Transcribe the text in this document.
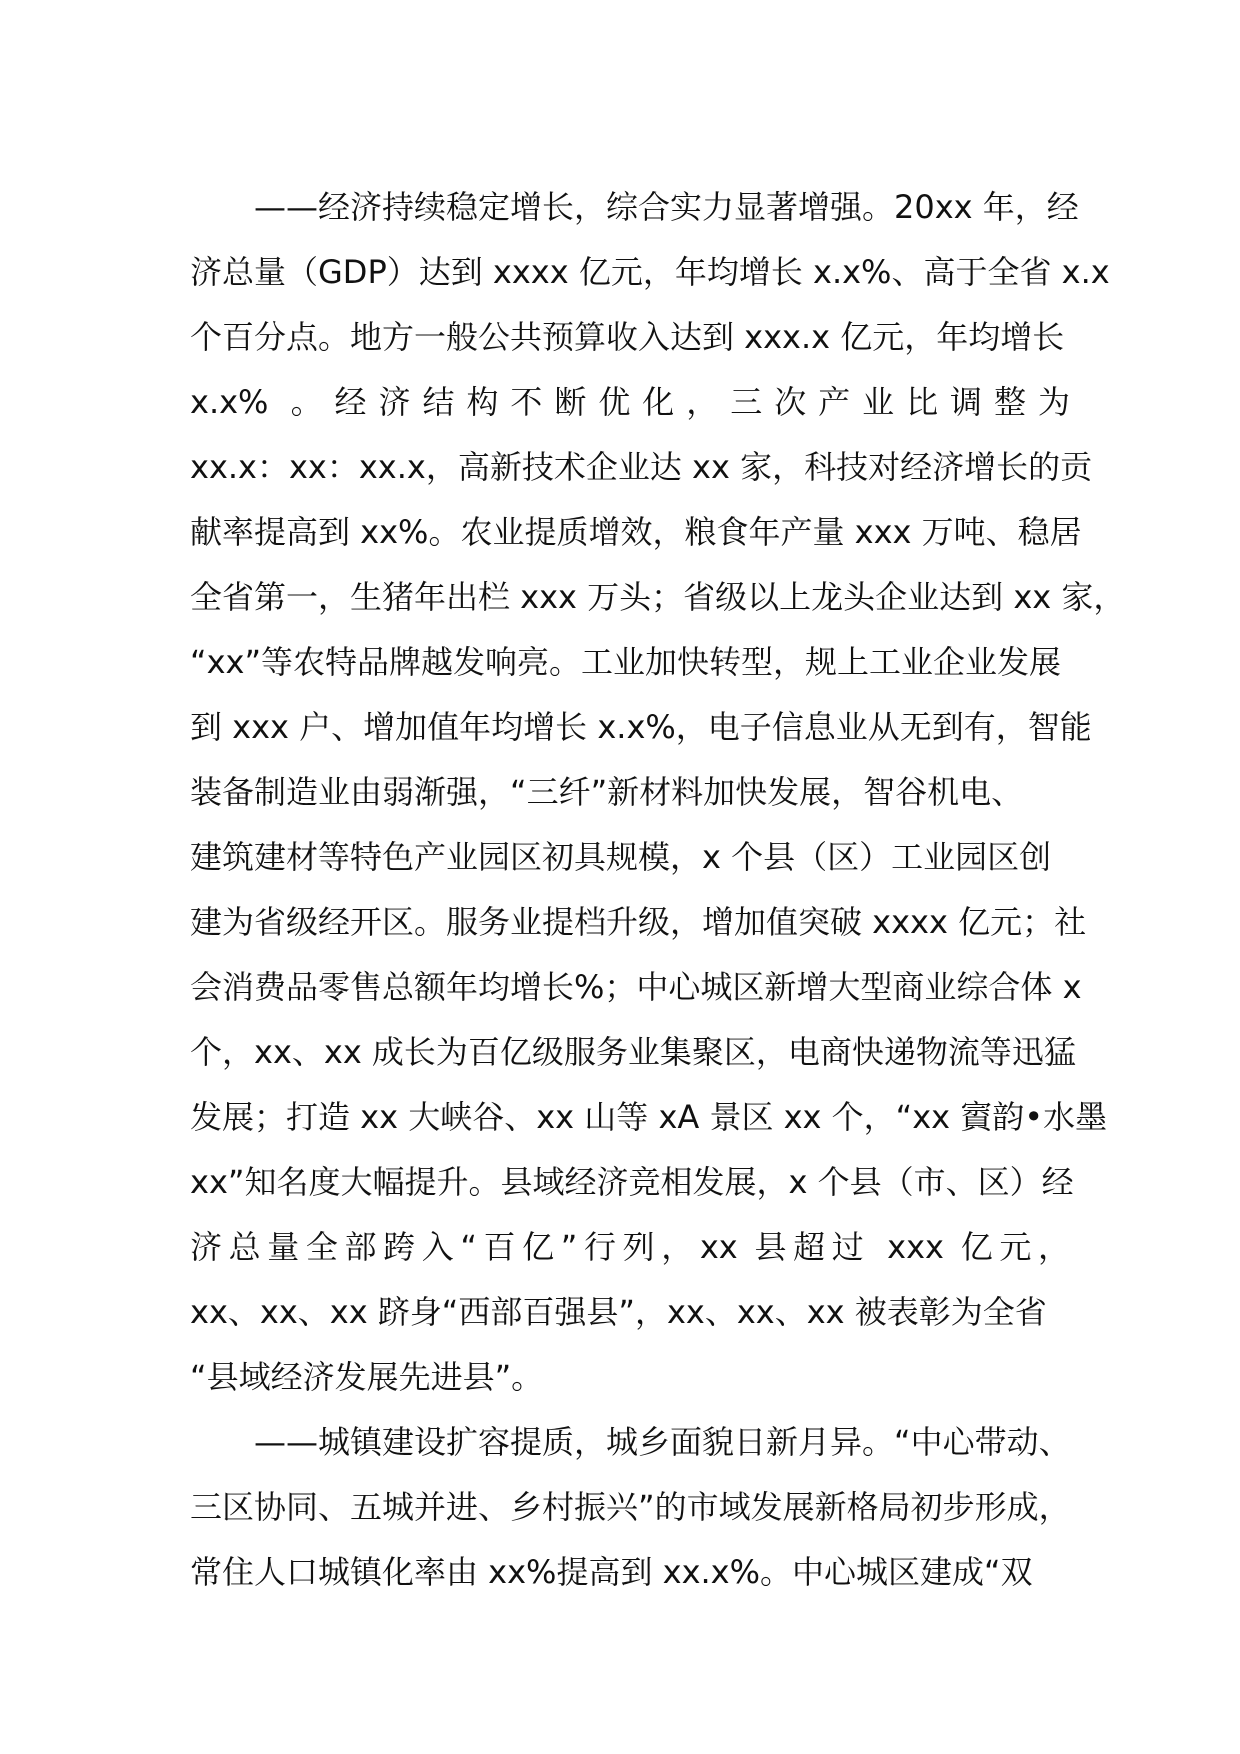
——经济持续稳定增长，综合实力显著增强。20xx 年，经
济总量（GDP）达到 xxxx 亿元，年均增长 x.x%、高于全省 x.x
个百分点。地方一般公共预算收入达到 xxx.x 亿元，年均增长
x.x% 。经济结构不断优化，三次产业比调整为
xx.x：xx：xx.x，高新技术企业达 xx 家，科技对经济增长的贡
献率提高到 xx%。农业提质增效，粮食年产量 xxx 万吨、稳居
全省第一，生猪年出栏 xxx 万头；省级以上龙头企业达到 xx 家，
“xx”等农特品牌越发响亮。工业加快转型，规上工业企业发展
到 xxx 户、增加值年均增长 x.x%，电子信息业从无到有，智能
装备制造业由弱渐强，“三纤”新材料加快发展，智谷机电、
建筑建材等特色产业园区初具规模，x 个县（区）工业园区创
建为省级经开区。服务业提档升级，增加值突破 xxxx 亿元；社
会消费品零售总额年均增长%；中心城区新增大型商业综合体 x
个，xx、xx 成长为百亿级服务业集聚区，电商快递物流等迅猛
发展；打造 xx 大峡谷、xx 山等 xA 景区 xx 个，“xx 賨韵•水墨
xx”知名度大幅提升。县域经济竞相发展，x 个县（市、区）经
济总量全部跨入“百亿”行列，xx 县超过 xxx 亿元，
xx、xx、xx 跻身“西部百强县”，xx、xx、xx 被表彰为全省
“县域经济发展先进县”。
——城镇建设扩容提质，城乡面貌日新月异。“中心带动、
三区协同、五城并进、乡村振兴”的市域发展新格局初步形成，
常住人口城镇化率由 xx%提高到 xx.x%。中心城区建成“双
